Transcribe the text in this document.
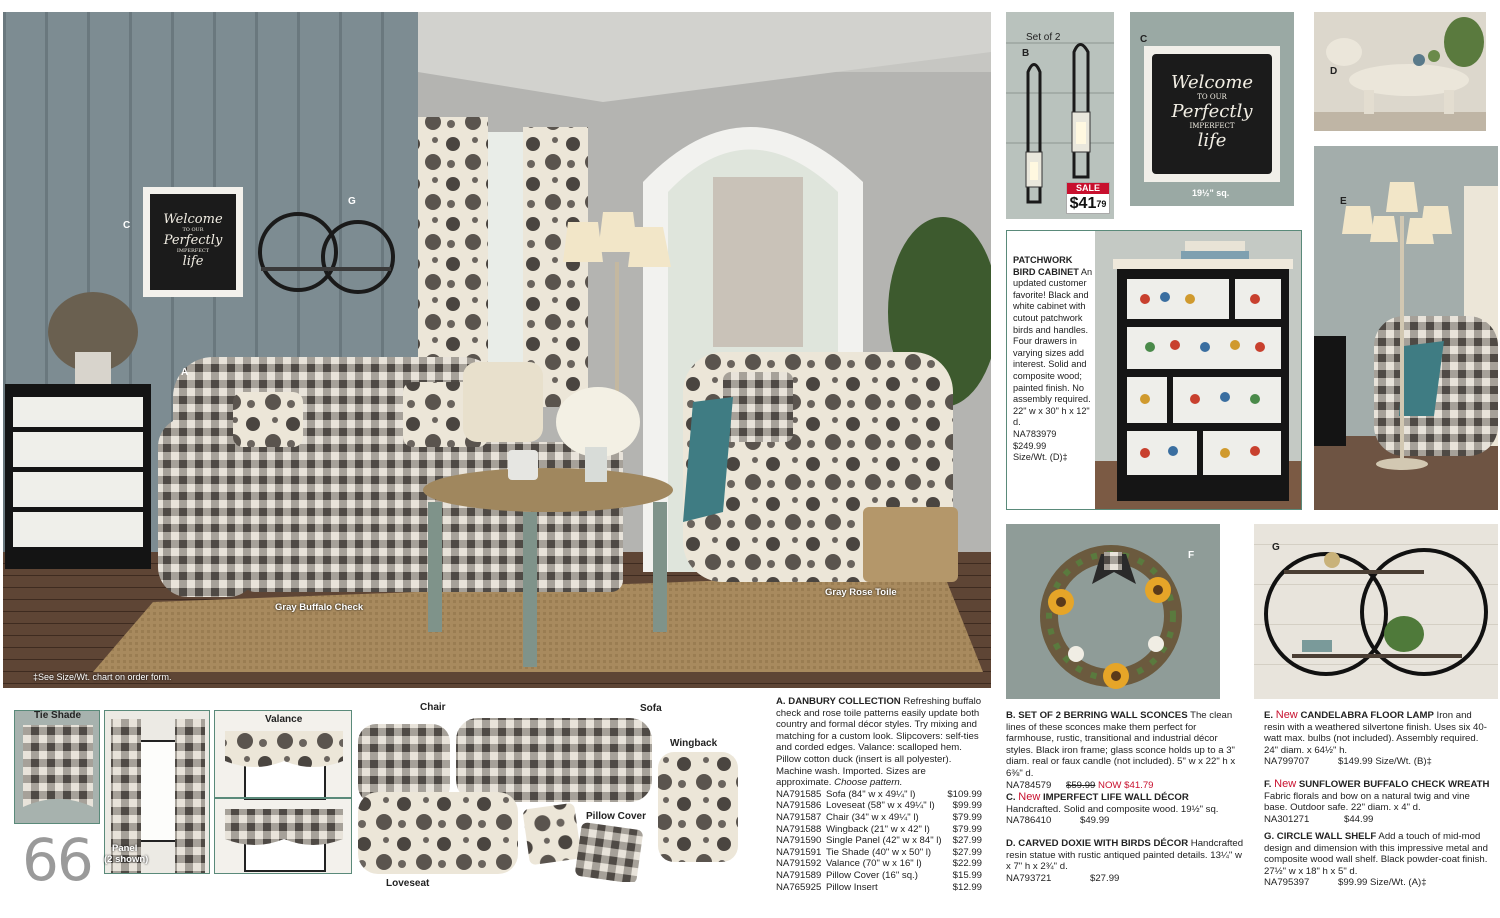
Welcome
TO OUR
Perfectly
IMPERFECT
life
C
G
A
Gray Buffalo Check
Gray Rose Toile
‡See Size/Wt. chart on order form.
Set of 2
B
SALE
$\$41^{79}$
Welcome
TO OUR
Perfectly
IMPERFECT
life
C
19½" sq.
D
E
PATCHWORK
BIRD CABINET An updated customer favorite! Black and white cabinet with cutout patchwork birds and handles. Four drawers in varying sizes add interest. Solid and composite wood; painted finish. No assembly required. 22" w x 30" h x 12" d.
NA783979
$249.99
Size/Wt. (D)‡
F
G
Tie Shade
Panel
(2 shown)
Valance
Chair	Sofa
Wingback
Pillow Cover
Loveseat
66
A. DANBURY COLLECTION Refreshing buffalo check and rose toile patterns easily update both country and formal décor styles. Try mixing and matching for a custom look. Slipcovers: self-ties and corded edges. Valance: scalloped hem. Pillow cotton duck (insert is all polyester). Machine wash. Imported. Sizes are approximate. Choose pattern.
NA791585 Sofa (84" w x 49¼" l)	$109.99
NA791586 Loveseat (58" w x 49¼" l) $99.99
NA791587 Chair (34" w x 49¼" l)	$79.99
NA791588 Wingback (21" w x 42" l) $79.99
NA791590 Single Panel (42" w x 84" l) $27.99
NA791591 Tie Shade (40" w x 50" l) $27.99
NA791592 Valance (70" w x 16" l)	$22.99
NA791589 Pillow Cover (16" sq.)	$15.99
NA765925 Pillow Insert	$12.99
B. SET OF 2 BERRING WALL SCONCES The clean lines of these sconces make them perfect for farmhouse, rustic, transitional and industrial décor styles. Black iron frame; glass sconce holds up to a 3" diam. real or faux candle (not included). 5" w x 22" h x 6⅜" d.
NA784579 $59.99 NOW $41.79
C. New IMPERFECT LIFE WALL DÉCOR Handcrafted. Solid and composite wood. 19½" sq.
NA786410	$49.99
D. CARVED DOXIE WITH BIRDS DÉCOR Handcrafted resin statue with rustic antiqued painted details. 13¼" w x 7" h x 2¾" d.
NA793721	$27.99
E. New CANDELABRA FLOOR LAMP Iron and resin with a weathered silvertone finish. Uses six 40-watt max. bulbs (not included). Assembly required. 24" diam. x 64½" h.
NA799707	$149.99 Size/Wt. (B)‡
F. New SUNFLOWER BUFFALO CHECK WREATH Fabric florals and bow on a natural twig and vine base. Outdoor safe. 22" diam. x 4" d.
NA301271	$44.99
G. CIRCLE WALL SHELF Add a touch of mid-mod design and dimension with this impressive metal and composite wood wall shelf. Black powder-coat finish. 27½" w x 18" h x 5" d.
NA795397	$99.99 Size/Wt. (A)‡
